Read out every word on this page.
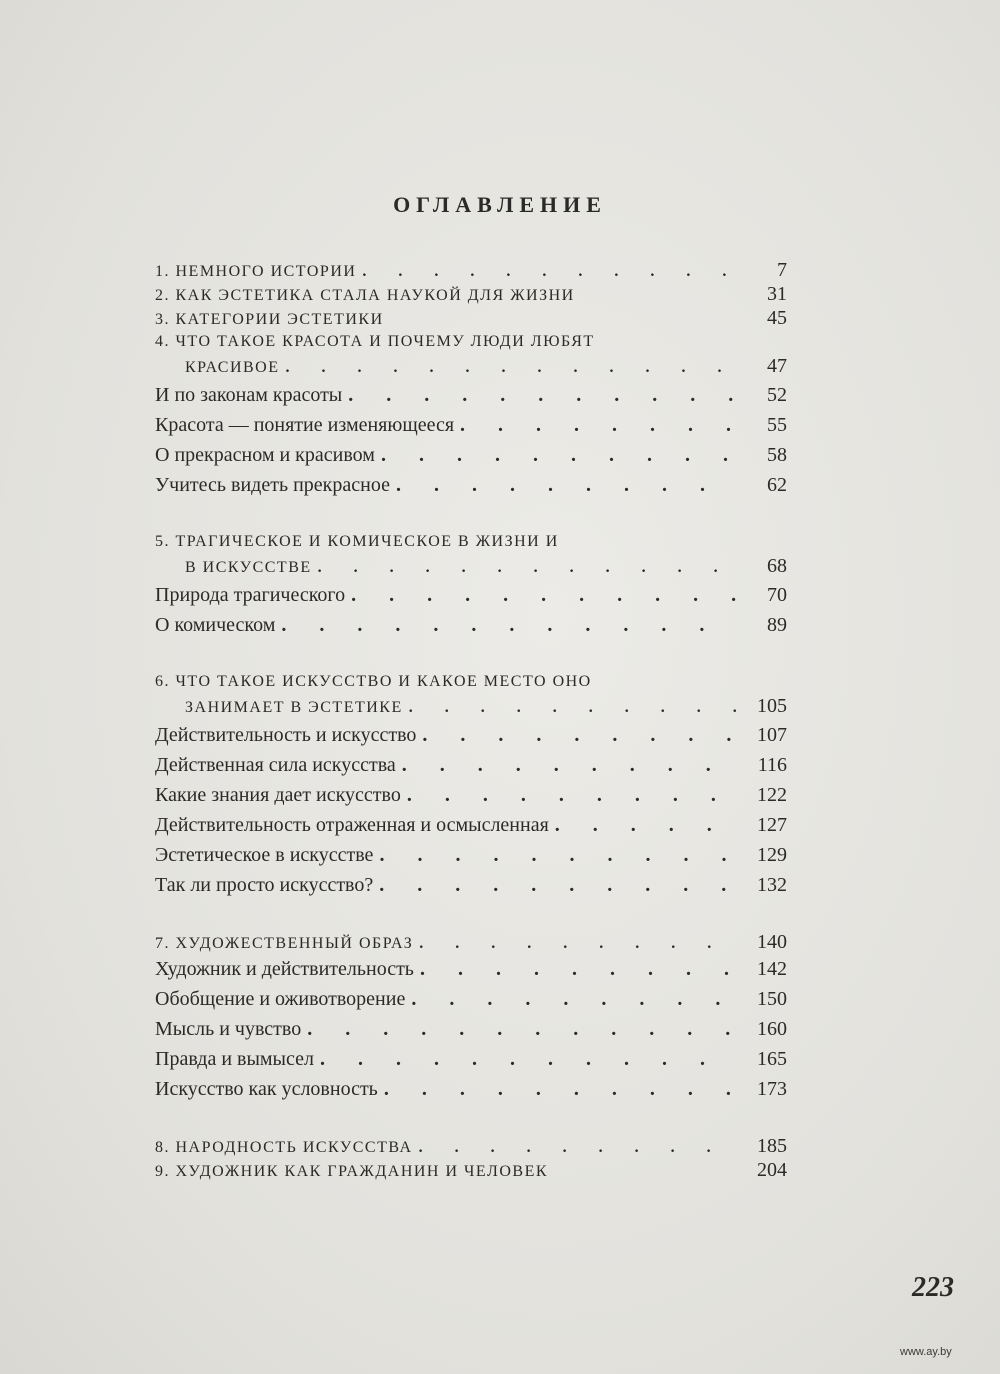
ОГЛАВЛЕНИЕ
1. НЕМНОГО ИСТОРИИ . . .	7
2. КАК ЭСТЕТИКА СТАЛА НАУКОЙ ДЛЯ ЖИЗНИ	31
3. КАТЕГОРИИ ЭСТЕТИКИ	45
4. ЧТО ТАКОЕ КРАСОТА И ПОЧЕМУ ЛЮДИ ЛЮБЯТ
КРАСИВОЕ . . .	47
И по законам красоты . . .	52
Красота — понятие изменяющееся . . .	55
О прекрасном и красивом . . .	58
Учитесь видеть прекрасное . . .	62
5. ТРАГИЧЕСКОЕ И КОМИЧЕСКОЕ В ЖИЗНИ И
В ИСКУССТВЕ . . .	68
Природа трагического . . .	70
О комическом . . .	89
6. ЧТО ТАКОЕ ИСКУССТВО И КАКОЕ МЕСТО ОНО
ЗАНИМАЕТ В ЭСТЕТИКЕ . . .	105
Действительность и искусство . . .	107
Действенная сила искусства . . .	116
Какие знания дает искусство . . .	122
Действительность отраженная и осмысленная . . .	127
Эстетическое в искусстве . . .	129
Так ли просто искусство? . . .	132
7. ХУДОЖЕСТВЕННЫЙ ОБРАЗ . . .	140
Художник и действительность . . .	142
Обобщение и оживотворение . . .	150
Мысль и чувство . . .	160
Правда и вымысел . . .	165
Искусство как условность . . .	173
8. НАРОДНОСТЬ ИСКУССТВА . . .	185
9. ХУДОЖНИК КАК ГРАЖДАНИН И ЧЕЛОВЕК	204
223
www.ay.by
